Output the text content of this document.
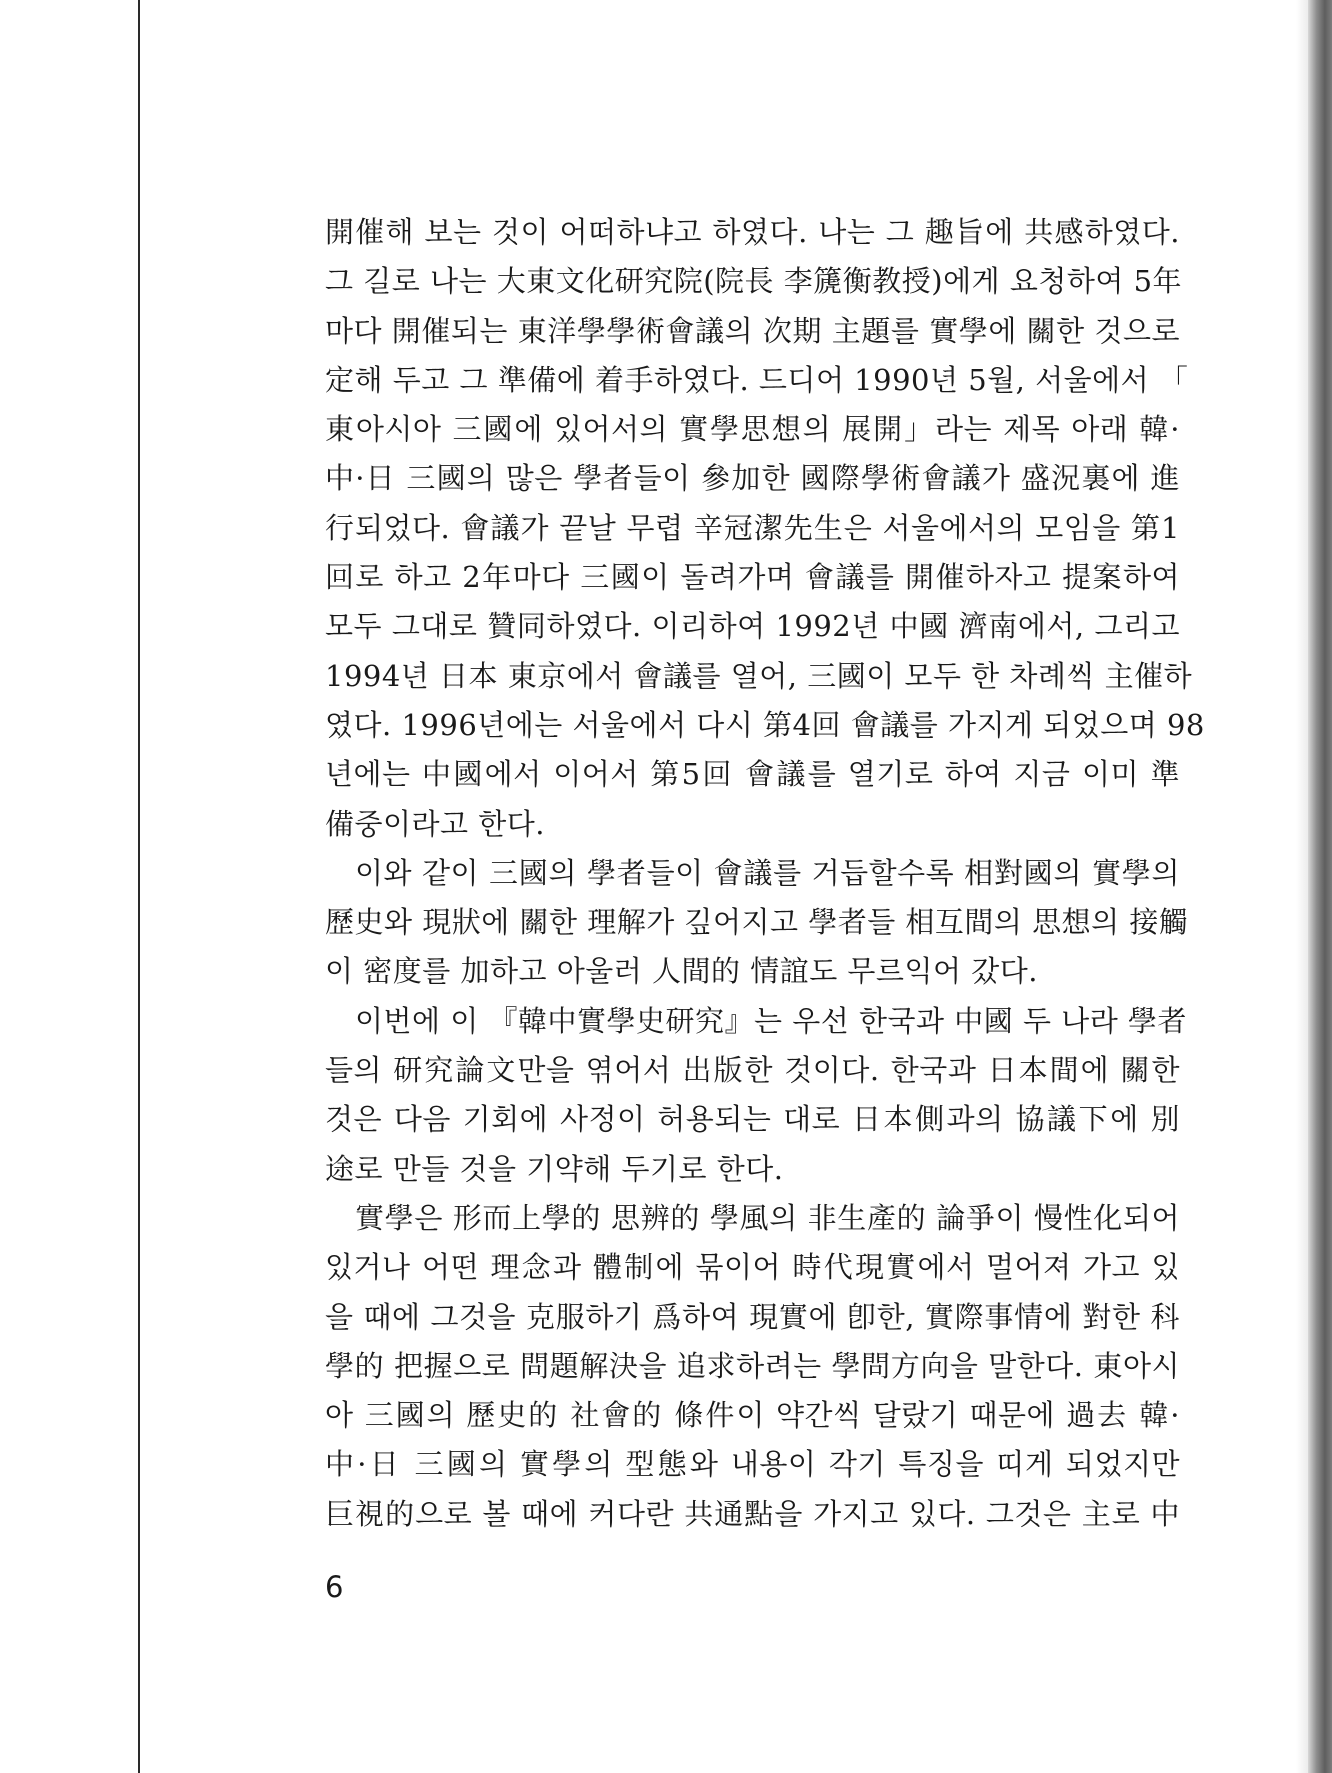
開催해 보는 것이 어떠하냐고 하였다. 나는 그 趣旨에 共感하였다.
그 길로 나는 大東文化研究院(院長 李篪衡教授)에게 요청하여 5年
마다 開催되는 東洋學學術會議의 次期 主題를 實學에 關한 것으로
定해 두고 그 準備에 着手하였다. 드디어 1990년 5월, 서울에서 「
東아시아 三國에 있어서의 實學思想의 展開」라는 제목 아래 韓·
中·日 三國의 많은 學者들이 參加한 國際學術會議가 盛況裏에 進
行되었다. 會議가 끝날 무렵 辛冠潔先生은 서울에서의 모임을 第1
回로 하고 2年마다 三國이 돌려가며 會議를 開催하자고 提案하여
모두 그대로 贊同하였다. 이리하여 1992년 中國 濟南에서, 그리고
1994년 日本 東京에서 會議를 열어, 三國이 모두 한 차례씩 主催하
였다. 1996년에는 서울에서 다시 第4回 會議를 가지게 되었으며 98
년에는 中國에서 이어서 第5回 會議를 열기로 하여 지금 이미 準
備중이라고 한다.
이와 같이 三國의 學者들이 會議를 거듭할수록 相對國의 實學의
歷史와 現狀에 關한 理解가 깊어지고 學者들 相互間의 思想의 接觸
이 密度를 加하고 아울러 人間的 情誼도 무르익어 갔다.
이번에 이 『韓中實學史研究』는 우선 한국과 中國 두 나라 學者
들의 研究論文만을 엮어서 出版한 것이다. 한국과 日本間에 關한
것은 다음 기회에 사정이 허용되는 대로 日本側과의 協議下에 別
途로 만들 것을 기약해 두기로 한다.
實學은 形而上學的 思辨的 學風의 非生產的 論爭이 慢性化되어
있거나 어떤 理念과 體制에 묶이어 時代現實에서 멀어져 가고 있
을 때에 그것을 克服하기 爲하여 現實에 卽한, 實際事情에 對한 科
學的 把握으로 問題解決을 追求하려는 學問方向을 말한다. 東아시
아 三國의 歷史的 社會的 條件이 약간씩 달랐기 때문에 過去 韓·
中·日 三國의 實學의 型態와 내용이 각기 특징을 띠게 되었지만
巨視的으로 볼 때에 커다란 共通點을 가지고 있다. 그것은 主로 中
6
